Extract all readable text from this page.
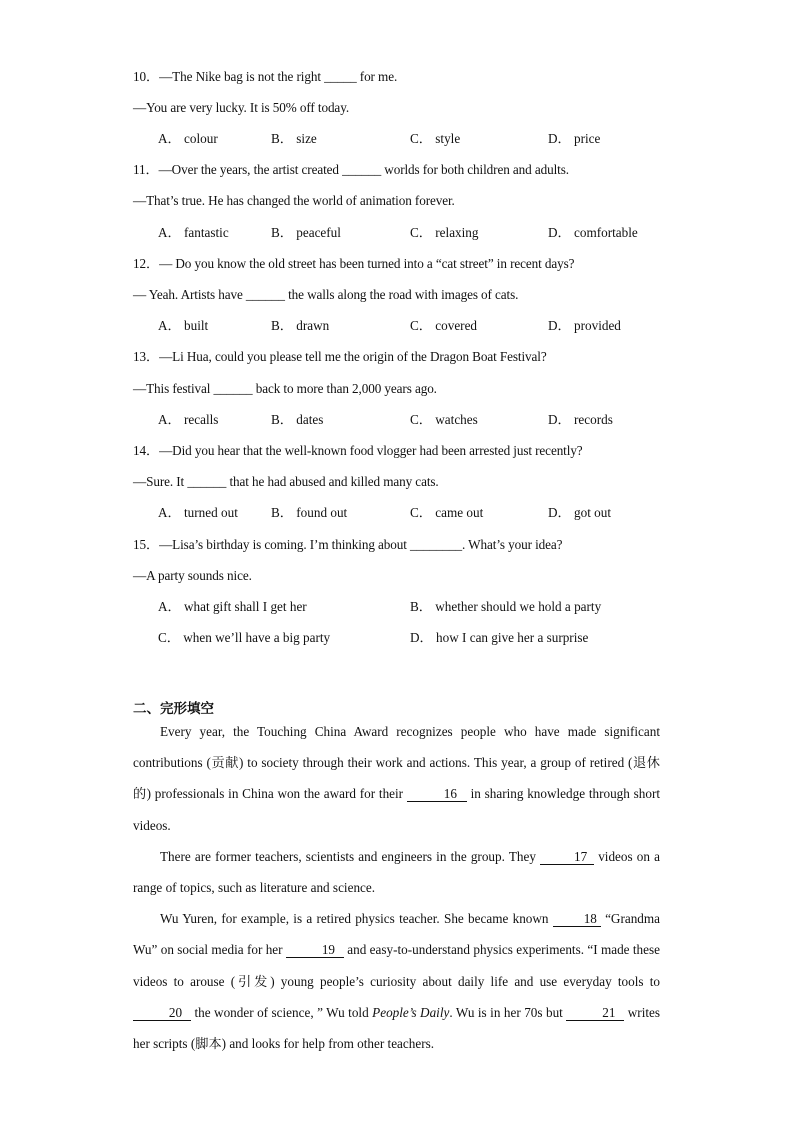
10．—The Nike bag is not the right _____ for me.
—You are very lucky. It is 50% off today.
A． colour	B． size	C． style	D． price
11．—Over the years, the artist created ______ worlds for both children and adults.
—That’s true. He has changed the world of animation forever.
A． fantastic	B． peaceful	C． relaxing	D． comfortable
12．— Do you know the old street has been turned into a “cat street” in recent days?
— Yeah. Artists have ______ the walls along the road with images of cats.
A． built	B． drawn	C． covered	D． provided
13．—Li Hua, could you please tell me the origin of the Dragon Boat Festival?
—This festival ______ back to more than 2,000 years ago.
A． recalls	B． dates	C． watches	D． records
14．—Did you hear that the well-known food vlogger had been arrested just recently?
—Sure. It ______ that he had abused and killed many cats.
A． turned out	B． found out	C． came out	D． got out
15．—Lisa’s birthday is coming. I’m thinking about ________. What’s your idea?
—A party sounds nice.
A． what gift shall I get her	B． whether should we hold a party
C． when we’ll have a big party	D． how I can give her a surprise
二、完形填空

Every year, the Touching China Award recognizes people who have made significant contributions (贡献) to society through their work and actions. This year, a group of retired (退休的) professionals in China won the award for their	16 in sharing knowledge through short videos.

There are former teachers, scientists and engineers in the group. They	17 videos on a range of topics, such as literature and science.

Wu Yuren, for example, is a retired physics teacher. She became known 18 “Grandma Wu” on social media for her	19 and easy-to-understand physics experiments. “I made these videos to arouse (引发) young people’s curiosity about daily life and use everyday tools to 20 the wonder of science, ” Wu told People’s Daily. Wu is in her 70s but	21 writes her scripts (脚本) and looks for help from other teachers.
